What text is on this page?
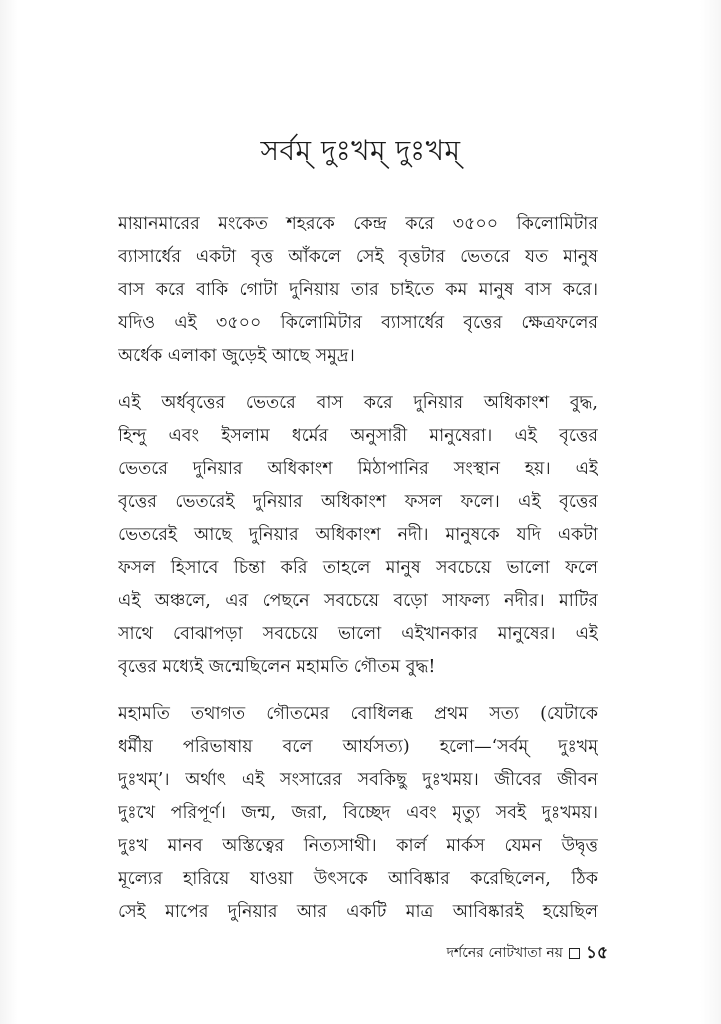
সর্বম্ দুঃখম্ দুঃখম্
মায়ানমারের মংকেত শহরকে কেন্দ্র করে ৩৫০০ কিলোমিটার
ব্যাসার্ধের একটা বৃত্ত আঁকলে সেই বৃত্তটার ভেতরে যত মানুষ
বাস করে বাকি গোটা দুনিয়ায় তার চাইতে কম মানুষ বাস করে।
যদিও এই ৩৫০০ কিলোমিটার ব্যাসার্ধের বৃত্তের ক্ষেত্রফলের
অর্ধেক এলাকা জুড়েই আছে সমুদ্র।
এই অর্ধবৃত্তের ভেতরে বাস করে দুনিয়ার অধিকাংশ বুদ্ধ,
হিন্দু এবং ইসলাম ধর্মের অনুসারী মানুষেরা। এই বৃত্তের
ভেতরে দুনিয়ার অধিকাংশ মিঠাপানির সংস্থান হয়। এই
বৃত্তের ভেতরেই দুনিয়ার অধিকাংশ ফসল ফলে। এই বৃত্তের
ভেতরেই আছে দুনিয়ার অধিকাংশ নদী। মানুষকে যদি একটা
ফসল হিসাবে চিন্তা করি তাহলে মানুষ সবচেয়ে ভালো ফলে
এই অঞ্চলে, এর পেছনে সবচেয়ে বড়ো সাফল্য নদীর। মাটির
সাথে বোঝাপড়া সবচেয়ে ভালো এইখানকার মানুষের। এই
বৃত্তের মধ্যেই জন্মেছিলেন মহামতি গৌতম বুদ্ধ!
মহামতি তথাগত গৌতমের বোধিলব্ধ প্রথম সত্য (যেটাকে
ধর্মীয় পরিভাষায় বলে আর্যসত্য) হলো—‘সর্বম্ দুঃখম্
দুঃখম্’। অর্থাৎ এই সংসারের সবকিছু দুঃখময়। জীবের জীবন
দুঃখে পরিপূর্ণ। জন্ম, জরা, বিচ্ছেদ এবং মৃত্যু সবই দুঃখময়।
দুঃখ মানব অস্তিত্বের নিত্যসাথী। কার্ল মার্কস যেমন উদ্বৃত্ত
মূল্যের হারিয়ে যাওয়া উৎসকে আবিষ্কার করেছিলেন, ঠিক
সেই মাপের দুনিয়ার আর একটি মাত্র আবিষ্কারই হয়েছিল
দর্শনের নোটখাতা নয় ১৫
